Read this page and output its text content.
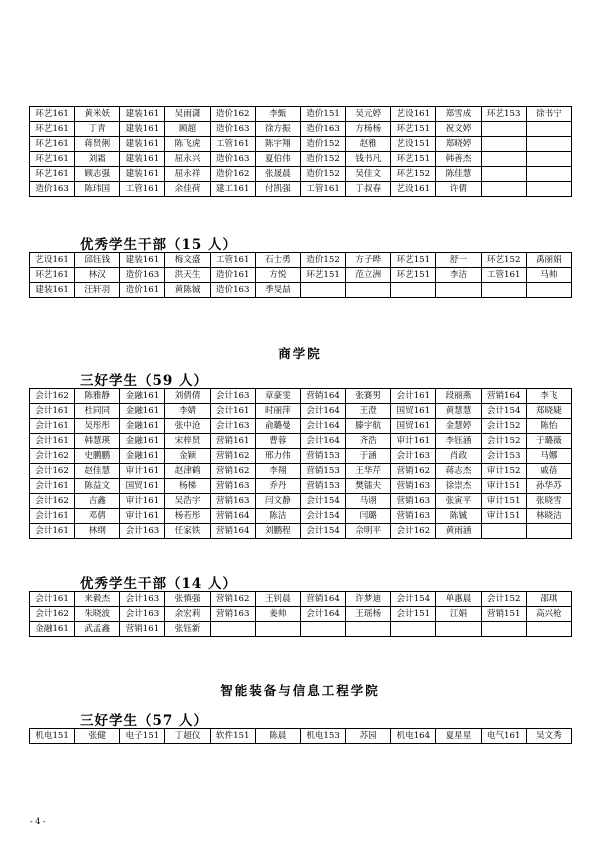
环艺161	黄米妖	建装161	吴雨潇	造价162	李甄	造价151	吴元婷	艺设161	郑雪成	环艺153	徐书宁
环艺161	丁青	建装161	顾超	造价163	徐方振	造价163	方杨杨	环艺151	祝文婷		
环艺161	蒋贤俐	建装161	陈飞虎	工管161	陈宇翔	造价152	赵雅	艺设151	郑晓婷		
环艺161	刘霜	建装161	屈永兴	造价163	夏伯伟	造价152	钱书凡	环艺151	韩善杰		
环艺161	顾志强	建装161	屈永祥	造价162	张晟晨	造价152	吴佳文	环艺152	陈佳慧		
造价163	陈玮国	工管161	余佳荷	建工161	付凯强	工管161	丁叔春	艺设161	许倩		
优秀学生干部（15 人）
艺设161	邱钰钱	建装161	梅文盛	工管161	石士勇	造价152	方子晔	环艺151	舒一	环艺152	禹丽娟
环艺161	林汉	造价163	洪天生	造价161	方悦	环艺151	范立洲	环艺151	李洁	工管161	马帅
建装161	汪轩羽	造价161	黄陈铖	造价163	季旻喆						
商学院
三好学生（59 人）
会计162	陈雅静	金融161	刘倩倩	会计163	章豪雯	营销164	张赛男	会计161	段丽燕	营销164	李飞
会计161	杜同同	金融161	李婧	会计161	时丽萍	会计164	王澄	国贸161	黄慧慧	会计154	郑晓婕
会计161	吴彤彤	金融161	张中沧	会计163	俞璐曼	会计164	滕宇航	国贸161	金慧婷	会计152	陈怡
会计161	韩慧瑛	金融161	宋梓贤	营销161	曹蓉	会计164	齐浩	审计161	李钰涵	会计152	于璐薇
会计162	史鹏鹏	金融161	金颖	营销162	邢力伟	营销153	于涵	会计163	肖政	会计153	马娜
会计162	赵佳慧	审计161	赵津鹤	营销162	李翔	营销153	王华芹	营销162	蒋志杰	审计152	戚蓓
会计161	陈益文	国贸161	杨梯	营销163	乔丹	营销153	樊镭夫	营销163	徐崇杰	审计151	孙华苏
会计162	吉鑫	审计161	吴浩宇	营销163	闫文静	会计154	马诩	营销163	张寅平	审计151	张晓雪
会计161	邓倩	审计161	杨若彤	营销164	陈洁	会计154	闫璐	营销163	陈铖	审计151	林晓洁
会计161	林纲	会计163	任家铁	营销164	刘鹏程	会计154	佘明平	会计162	黄雨涵		
优秀学生干部（14 人）
会计161	来毅杰	会计163	张慎强	营销162	王钊晨	营销164	许梦迪	会计154	单惠晨	会计152	邵琪
会计162	朱晓波	会计163	余宏莉	营销163	姜帅	会计164	王瑶杨	会计151	江娟	营销151	高兴枪
金融161	武孟鑫	营销161	张钰新								
智能装备与信息工程学院
三好学生（57 人）
机电151	张健	电子151	丁超仪	软件151	陈晨	机电153	苏园	机电164	夏星星	电气161	吴文秀
- 4 -
